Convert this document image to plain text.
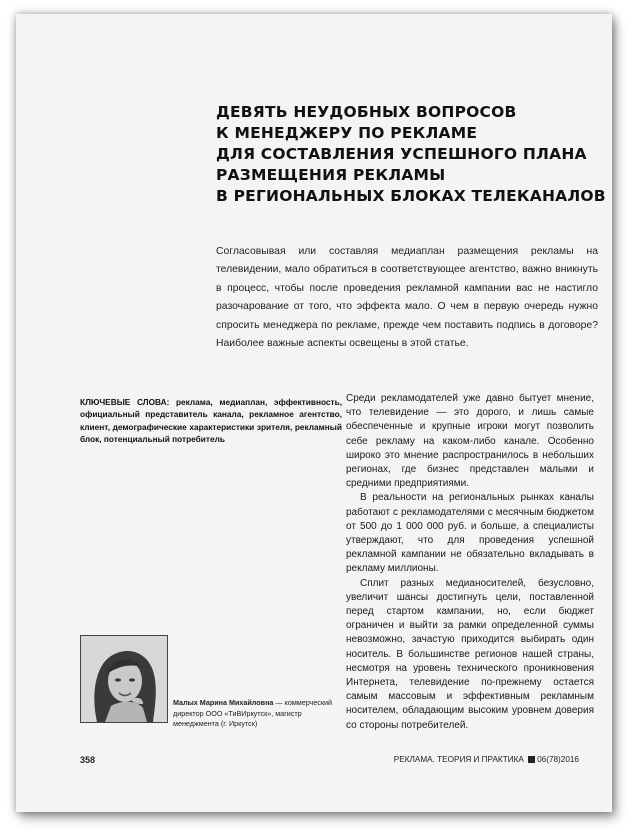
ДЕВЯТЬ НЕУДОБНЫХ ВОПРОСОВ
К МЕНЕДЖЕРУ ПО РЕКЛАМЕ
ДЛЯ СОСТАВЛЕНИЯ УСПЕШНОГО ПЛАНА
РАЗМЕЩЕНИЯ РЕКЛАМЫ
В РЕГИОНАЛЬНЫХ БЛОКАХ ТЕЛЕКАНАЛОВ

Согласовывая или составляя медиаплан размещения рекламы на телевидении, мало обратиться в соответствующее агентство, важно вникнуть в процесс, чтобы после проведения рекламной кампании вас не настигло разочарование от того, что эффекта мало. О чем в первую очередь нужно спросить менеджера по рекламе, прежде чем поставить подпись в договоре? Наиболее важные аспекты освещены в этой статье.

КЛЮЧЕВЫЕ СЛОВА: реклама, медиаплан, эффективность, официальный представитель канала, рекламное агентство, клиент, демографические характеристики зрителя, рекламный блок, потенциальный потребитель

Среди рекламодателей уже давно бытует мнение, что телевидение — это дорого, и лишь самые обеспеченные и крупные игроки могут позволить себе рекламу на каком-либо канале. Особенно широко это мнение распространилось в небольших регионах, где бизнес представлен малыми и средними предприятиями.

В реальности на региональных рынках каналы работают с рекламодателями с месячным бюджетом от 500 до 1 000 000 руб. и больше, а специалисты утверждают, что для проведения успешной рекламной кампании не обязательно вкладывать в рекламу миллионы.

Сплит разных медианосителей, безусловно, увеличит шансы достигнуть цели, поставленной перед стартом кампании, но, если бюджет ограничен и выйти за рамки определенной суммы невозможно, зачастую приходится выбирать один носитель. В большинстве регионов нашей страны, несмотря на уровень технического проникновения Интернета, телевидение по-прежнему остается самым массовым и эффективным рекламным носителем, обладающим высоким уровнем доверия со стороны потребителей.

Малых Марина Михайловна — коммерческий директор ООО «ТиВИркутск», магистр менеджмента (г. Иркутск)

358	РЕКЛАМА. ТЕОРИЯ И ПРАКТИКА 06(78)2016
